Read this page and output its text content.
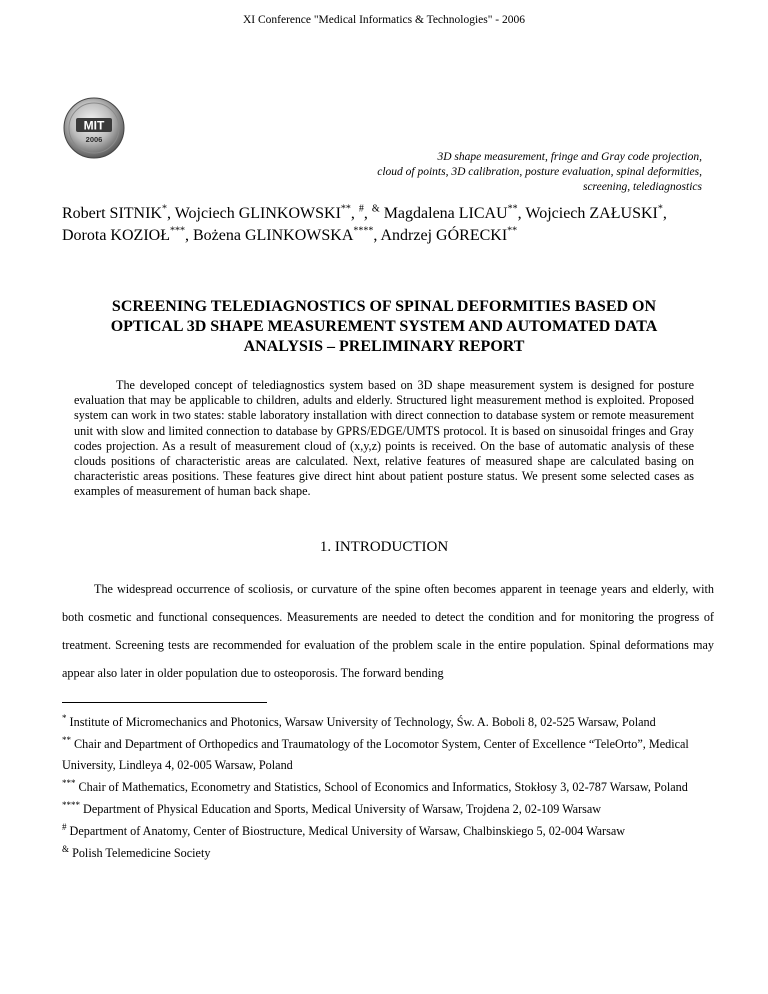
XI Conference "Medical Informatics & Technologies" - 2006
MIT
2006
3D shape measurement, fringe and Gray code projection,
cloud of points, 3D calibration, posture evaluation, spinal deformities,
screening, telediagnostics
Robert SITNIK*, Wojciech GLINKOWSKI**, #, & Magdalena LICAU**, Wojciech ZAŁUSKI*, Dorota KOZIOŁ***, Bożena GLINKOWSKA****, Andrzej GÓRECKI**
SCREENING TELEDIAGNOSTICS OF SPINAL DEFORMITIES BASED ON
OPTICAL 3D SHAPE MEASUREMENT SYSTEM AND AUTOMATED DATA
ANALYSIS – PRELIMINARY REPORT
The developed concept of telediagnostics system based on 3D shape measurement system is designed for posture evaluation that may be applicable to children, adults and elderly. Structured light measurement method is exploited. Proposed system can work in two states: stable laboratory installation with direct connection to database system or remote measurement unit with slow and limited connection to database by GPRS/EDGE/UMTS protocol. It is based on sinusoidal fringes and Gray codes projection. As a result of measurement cloud of (x,y,z) points is received. On the base of automatic analysis of these clouds positions of characteristic areas are calculated. Next, relative features of measured shape are calculated basing on characteristic areas positions. These features give direct hint about patient posture status. We present some selected cases as examples of measurement of human back shape.
1. INTRODUCTION

The widespread occurrence of scoliosis, or curvature of the spine often becomes apparent in teenage years and elderly, with both cosmetic and functional consequences. Measurements are needed to detect the condition and for monitoring the progress of treatment. Screening tests are recommended for evaluation of the problem scale in the entire population. Spinal deformations may appear also later in older population due to osteoporosis. The forward bending

* Institute of Micromechanics and Photonics, Warsaw University of Technology, Św. A. Boboli 8, 02-525 Warsaw, Poland

** Chair and Department of Orthopedics and Traumatology of the Locomotor System, Center of Excellence “TeleOrto”, Medical University, Lindleya 4, 02-005 Warsaw, Poland

*** Chair of Mathematics, Econometry and Statistics, School of Economics and Informatics, Stokłosy 3, 02-787 Warsaw, Poland

**** Department of Physical Education and Sports, Medical University of Warsaw, Trojdena 2, 02-109 Warsaw

# Department of Anatomy, Center of Biostructure, Medical University of Warsaw, Chalbinskiego 5, 02-004 Warsaw

& Polish Telemedicine Society
